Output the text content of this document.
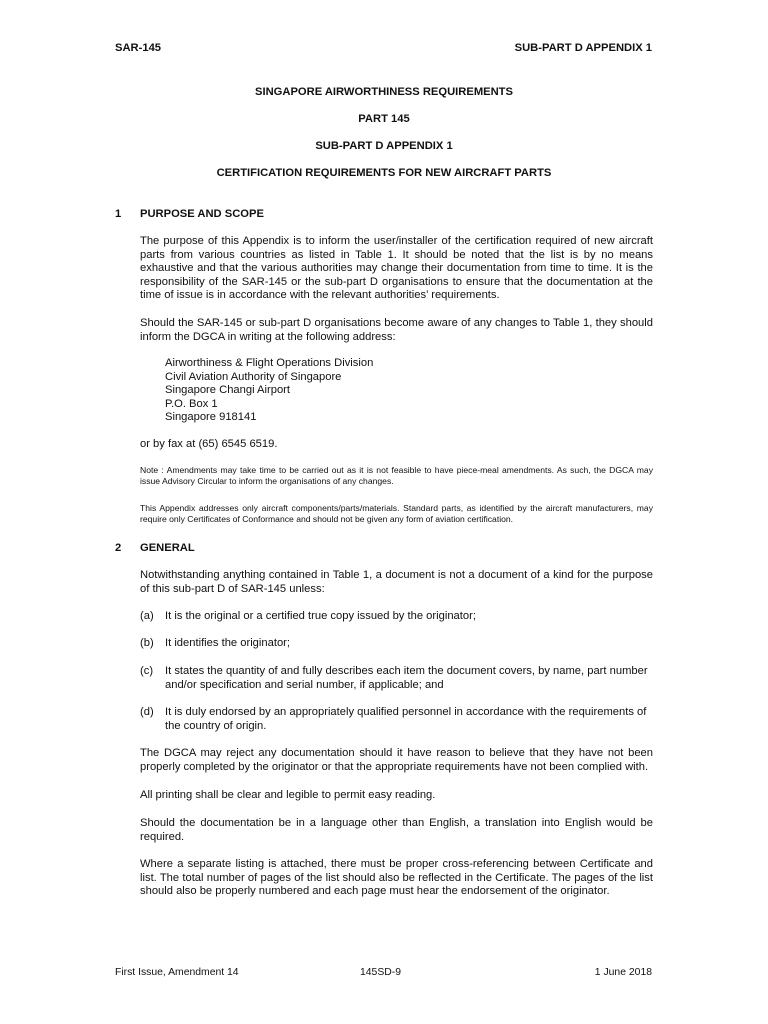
SAR-145	SUB-PART D APPENDIX 1
SINGAPORE AIRWORTHINESS REQUIREMENTS
PART 145
SUB-PART D APPENDIX 1
CERTIFICATION REQUIREMENTS FOR NEW AIRCRAFT PARTS
1 PURPOSE AND SCOPE
The purpose of this Appendix is to inform the user/installer of the certification required of new aircraft parts from various countries as listed in Table 1. It should be noted that the list is by no means exhaustive and that the various authorities may change their documentation from time to time. It is the responsibility of the SAR-145 or the sub-part D organisations to ensure that the documentation at the time of issue is in accordance with the relevant authorities’ requirements.
Should the SAR-145 or sub-part D organisations become aware of any changes to Table 1, they should inform the DGCA in writing at the following address:
Airworthiness & Flight Operations Division
Civil Aviation Authority of Singapore
Singapore Changi Airport
P.O. Box 1
Singapore 918141
or by fax at (65) 6545 6519.
Note : Amendments may take time to be carried out as it is not feasible to have piece-meal amendments. As such, the DGCA may issue Advisory Circular to inform the organisations of any changes.
This Appendix addresses only aircraft components/parts/materials. Standard parts, as identified by the aircraft manufacturers, may require only Certificates of Conformance and should not be given any form of aviation certification.
2 GENERAL
Notwithstanding anything contained in Table 1, a document is not a document of a kind for the purpose of this sub-part D of SAR-145 unless:
(a) It is the original or a certified true copy issued by the originator;
(b) It identifies the originator;
(c) It states the quantity of and fully describes each item the document covers, by name, part number and/or specification and serial number, if applicable; and
(d) It is duly endorsed by an appropriately qualified personnel in accordance with the requirements of the country of origin.
The DGCA may reject any documentation should it have reason to believe that they have not been properly completed by the originator or that the appropriate requirements have not been complied with.
All printing shall be clear and legible to permit easy reading.
Should the documentation be in a language other than English, a translation into English would be required.
Where a separate listing is attached, there must be proper cross-referencing between Certificate and list. The total number of pages of the list should also be reflected in the Certificate. The pages of the list should also be properly numbered and each page must hear the endorsement of the originator.
First Issue, Amendment 14	145SD-9	1 June 2018
